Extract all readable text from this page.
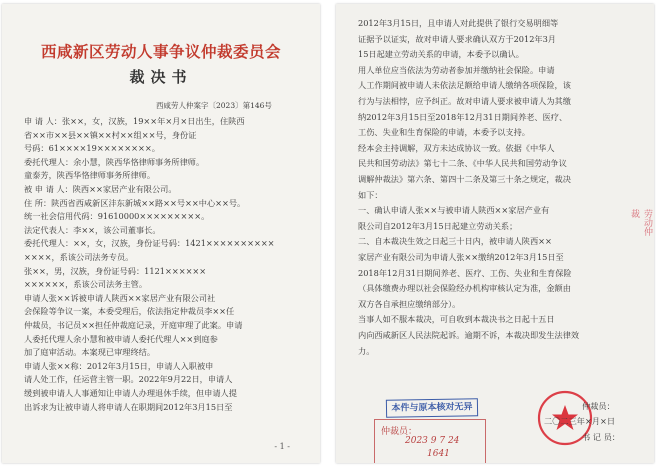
西咸新区劳动人事争议仲裁委员会
裁决书
西咸劳人仲案字〔2023〕第146号
申 请 人：张××，女，汉族，19××年×月×日出生，住陕西
省××市××县××镇××村××组××号，身份证
号码：61××××19××××××××。
委托代理人：余小慧，陕西华恪律师事务所律师。
童泰芳，陕西华恪律师事务所律师。
被 申 请 人：陕西××家居产业有限公司。
住 所：陕西省西咸新区沣东新城××路××号××中心××号。
统一社会信用代码：91610000×××××××××。
法定代表人：李××，该公司董事长。
委托代理人：××，女，汉族，身份证号码：1421××××××××××
××××，系该公司法务专员。
张××，男，汉族，身份证号码：1121××××××
××××××，系该公司法务主管。
申请人张××诉被申请人陕西××家居产业有限公司社
会保险等争议一案，本委受理后，依法指定仲裁员李××任
仲裁员，书记员××担任仲裁庭记录，开庭审理了此案。申请
人委托代理人余小慧和被申请人委托代理人××到庭参
加了庭审活动。本案现已审理终结。
申请人张××称：2012年3月15日，申请人入职被申
请人处工作，任运营主管一职。2022年9月22日，申请人
缓到被申请人人事通知让申请人办理退休手续，但申请人提
出诉求为让被申请人将申请人在职期间2012年3月15日至
- 1 -
2012年3月15日，且申请人对此提供了银行交易明细等
证据予以证实，故对申请人要求确认双方于2012年3月
15日起建立劳动关系的申请，本委予以确认。
用人单位应当依法为劳动者参加并缴纳社会保险。申请
人工作期间被申请人未依法足额给申请人缴纳各项保险，该
行为与法相悖，应予纠正。故对申请人要求被申请人为其缴
纳2012年3月15日至2018年12月31日期间养老、医疗、
工伤、失业和生育保险的申请，本委予以支持。
经本会主持调解，双方未达成协议一致。依据《中华人
民共和国劳动法》第七十二条、《中华人民共和国劳动争议
调解仲裁法》第六条、第四十二条及第三十条之规定，裁决
如下：
一、确认申请人张××与被申请人陕西××家居产业有
限公司自2012年3月15日起建立劳动关系；
二、自本裁决生效之日起三十日内，被申请人陕西××
家居产业有限公司为申请人张××缴纳2012年3月15日至
2018年12月31日期间养老、医疗、工伤、失业和生育保险
（具体缴费办理以社会保险经办机构审核认定为准，金额由
双方各自承担应缴纳部分）。
当事人如不服本裁决，可自收到本裁决书之日起十五日
内向西咸新区人民法院起诉。逾期不诉，本裁决即发生法律效
力。
本件与原本核对无异
仲裁员：
2023 9 7 24
1641
仲裁员：
二〇二三年×月×日
书 记 员：
劳动仲裁
